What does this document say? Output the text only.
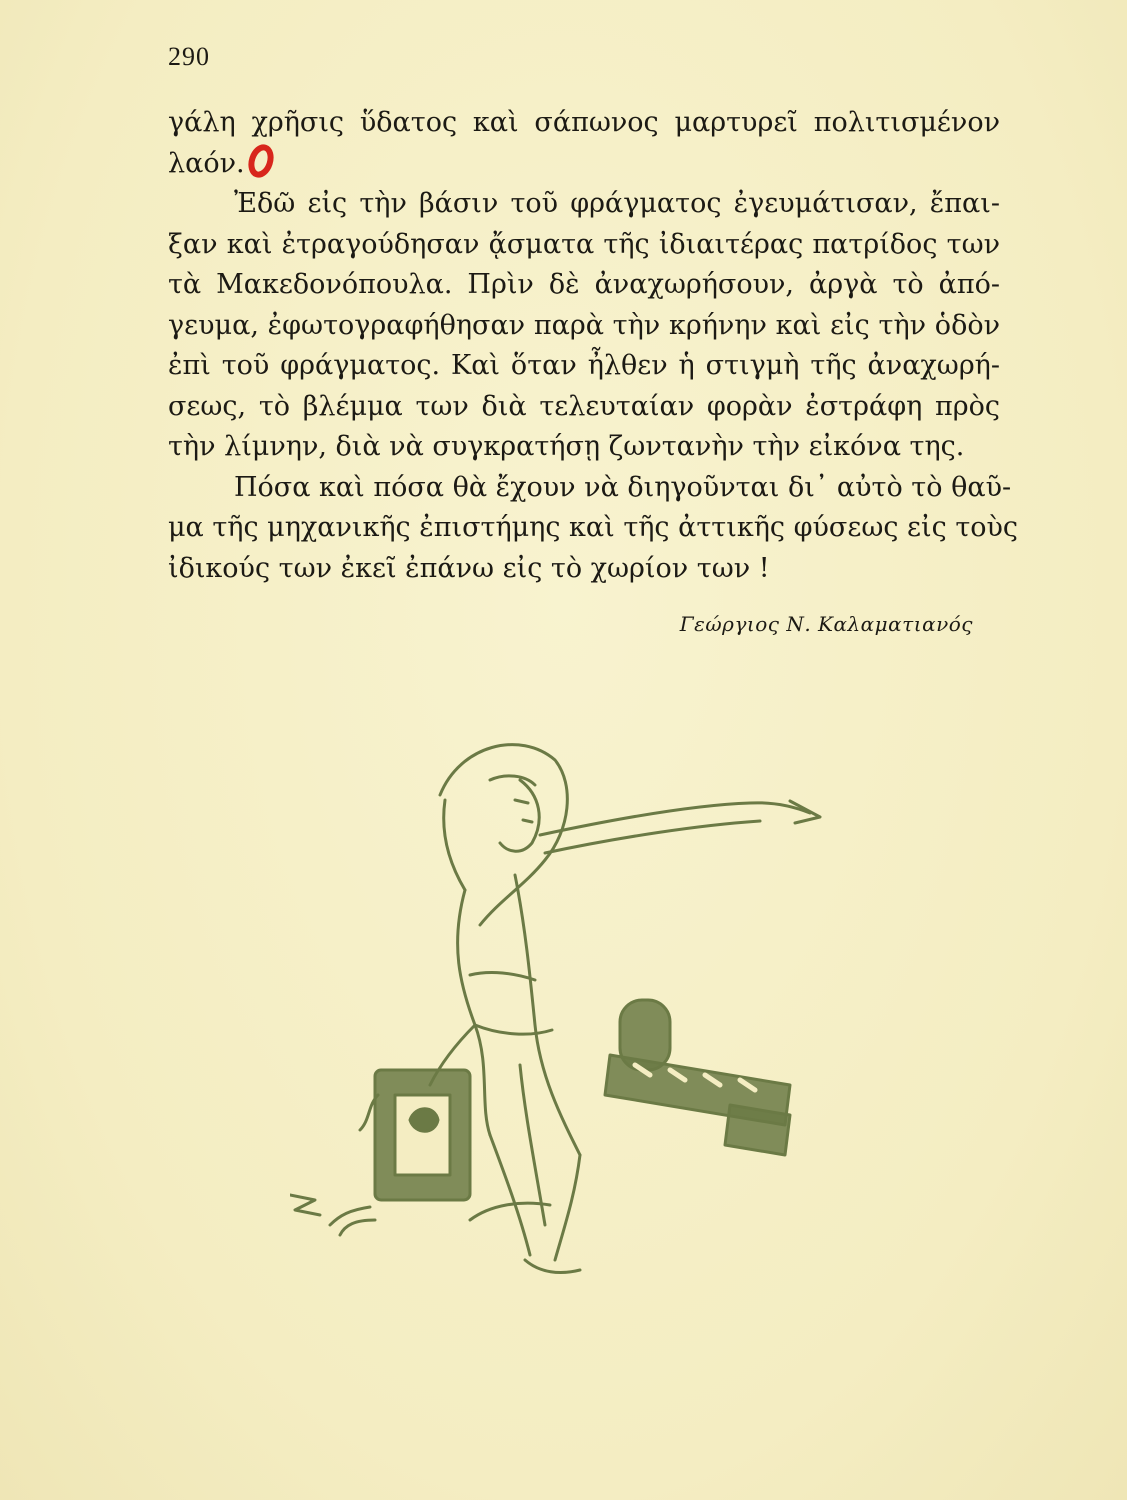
290
γάλη χρῆσις ὕδατος καὶ σάπωνος μαρτυρεῖ πολιτισμένον
λαόν.
Ἐδῶ εἰς τὴν βάσιν τοῦ φράγματος ἐγευμάτισαν, ἔπαι-
ξαν καὶ ἐτραγούδησαν ᾄσματα τῆς ἰδιαιτέρας πατρίδος των
τὰ Μακεδονόπουλα. Πρὶν δὲ ἀναχωρήσουν, ἀργὰ τὸ ἀπό-
γευμα, ἐφωτογραφήθησαν παρὰ τὴν κρήνην καὶ εἰς τὴν ὁδὸν
ἐπὶ τοῦ φράγματος. Καὶ ὅταν ἦλθεν ἡ στιγμὴ τῆς ἀναχωρή-
σεως, τὸ βλέμμα των διὰ τελευταίαν φορὰν ἐστράφη πρὸς
τὴν λίμνην, διὰ νὰ συγκρατήσῃ ζωντανὴν τὴν εἰκόνα της.
Πόσα καὶ πόσα θὰ ἔχουν νὰ διηγοῦνται δι᾿ αὐτὸ τὸ θαῦ-
μα τῆς μηχανικῆς ἐπιστήμης καὶ τῆς ἀττικῆς φύσεως εἰς τοὺς
ἰδικούς των ἐκεῖ ἐπάνω εἰς τὸ χωρίον των !
Γεώργιος Ν. Καλαματιανός
